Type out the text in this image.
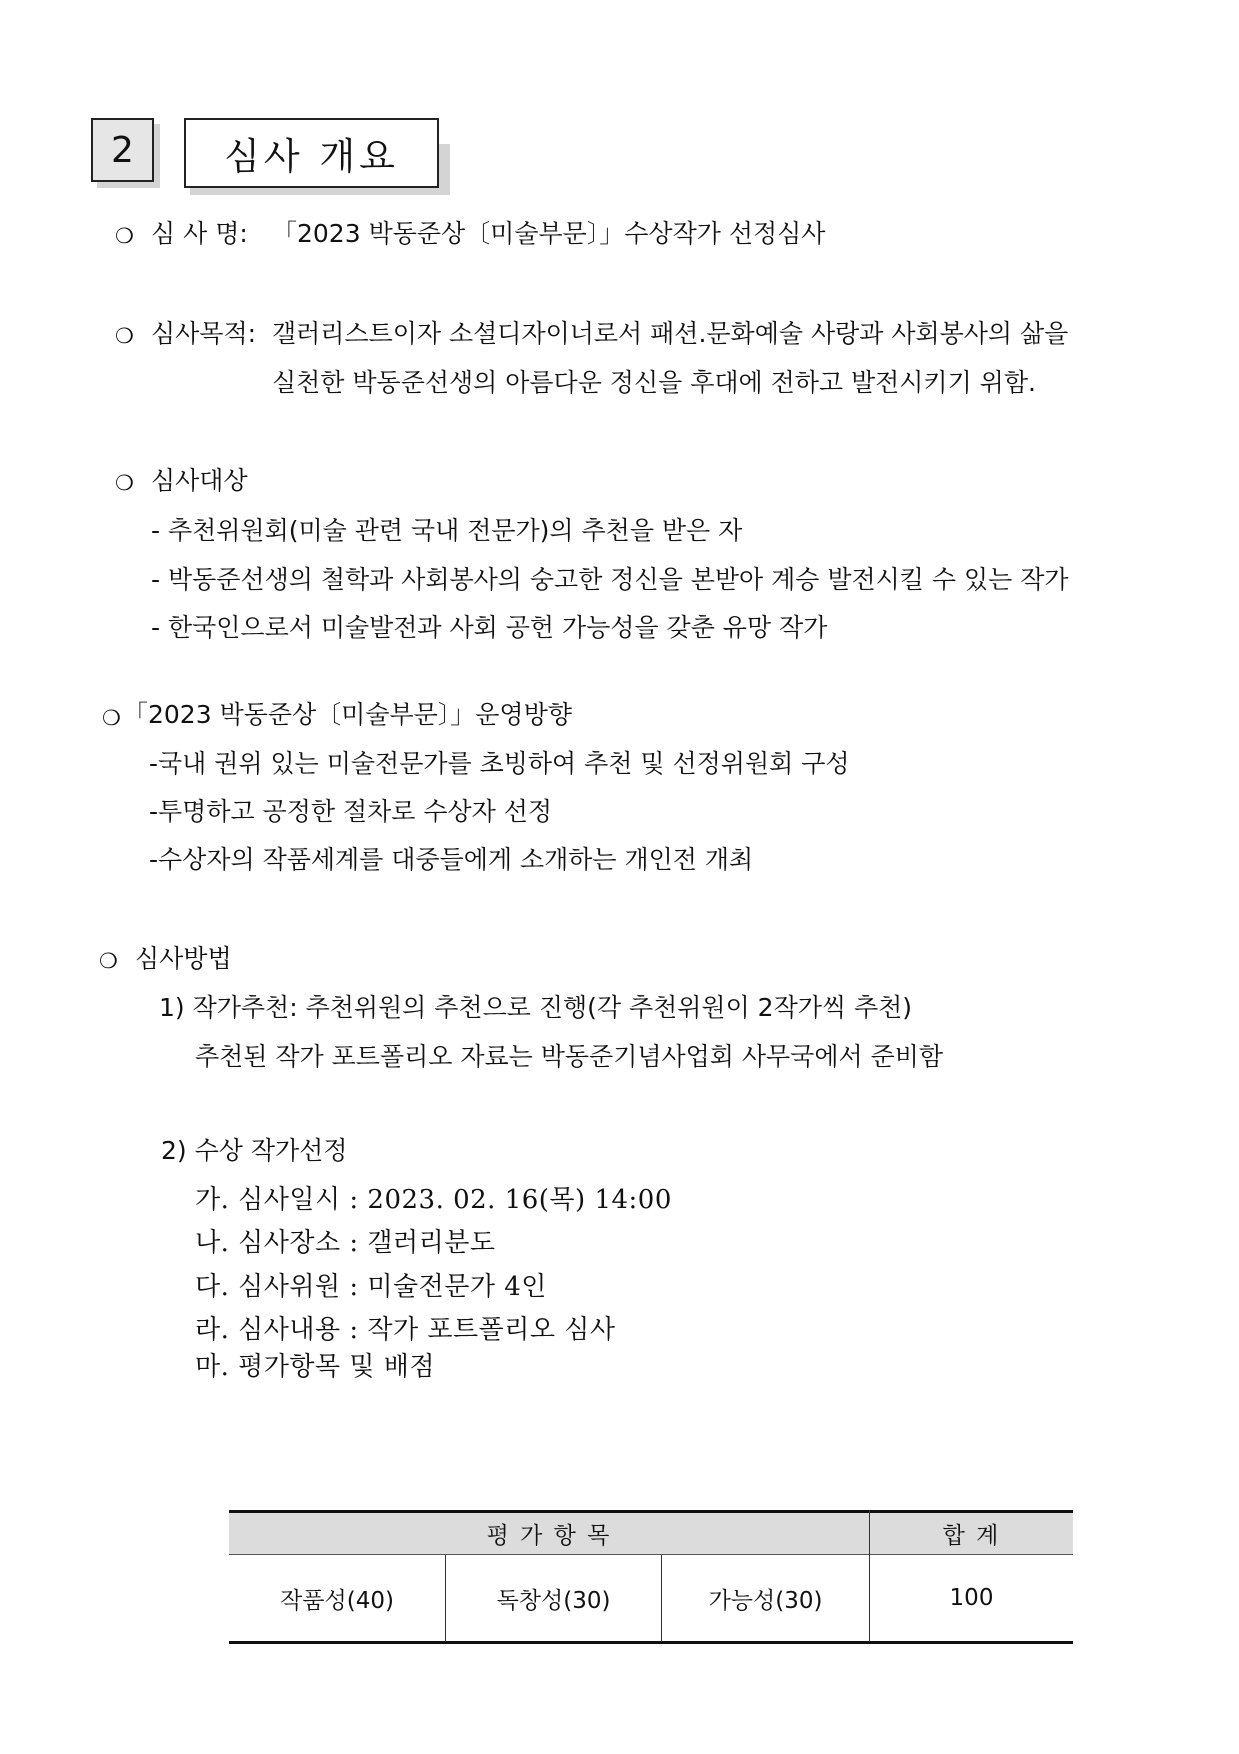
2	심사 개요
❍ 심 사 명: 「2023 박동준상〔미술부문〕」수상작가 선정심사
❍ 심사목적: 갤러리스트이자 소셜디자이너로서 패션.문화예술 사랑과 사회봉사의 삶을
실천한 박동준선생의 아름다운 정신을 후대에 전하고 발전시키기 위함.
❍ 심사대상
- 추천위원회(미술 관련 국내 전문가)의 추천을 받은 자
- 박동준선생의 철학과 사회봉사의 숭고한 정신을 본받아 계승 발전시킬 수 있는 작가
- 한국인으로서 미술발전과 사회 공헌 가능성을 갖춘 유망 작가
❍ 「2023 박동준상〔미술부문〕」운영방향
-국내 권위 있는 미술전문가를 초빙하여 추천 및 선정위원회 구성
-투명하고 공정한 절차로 수상자 선정
-수상자의 작품세계를 대중들에게 소개하는 개인전 개최
❍ 심사방법
1) 작가추천: 추천위원의 추천으로 진행(각 추천위원이 2작가씩 추천)
추천된 작가 포트폴리오 자료는 박동준기념사업회 사무국에서 준비함
2) 수상 작가선정
가. 심사일시 : 2023. 02. 16(목) 14:00
나. 심사장소 : 갤러리분도
다. 심사위원 : 미술전문가 4인
라. 심사내용 : 작가 포트폴리오 심사
마. 평가항목 및 배점
평 가 항 목	합 계
작품성(40)	독창성(30)	가능성(30)	100
